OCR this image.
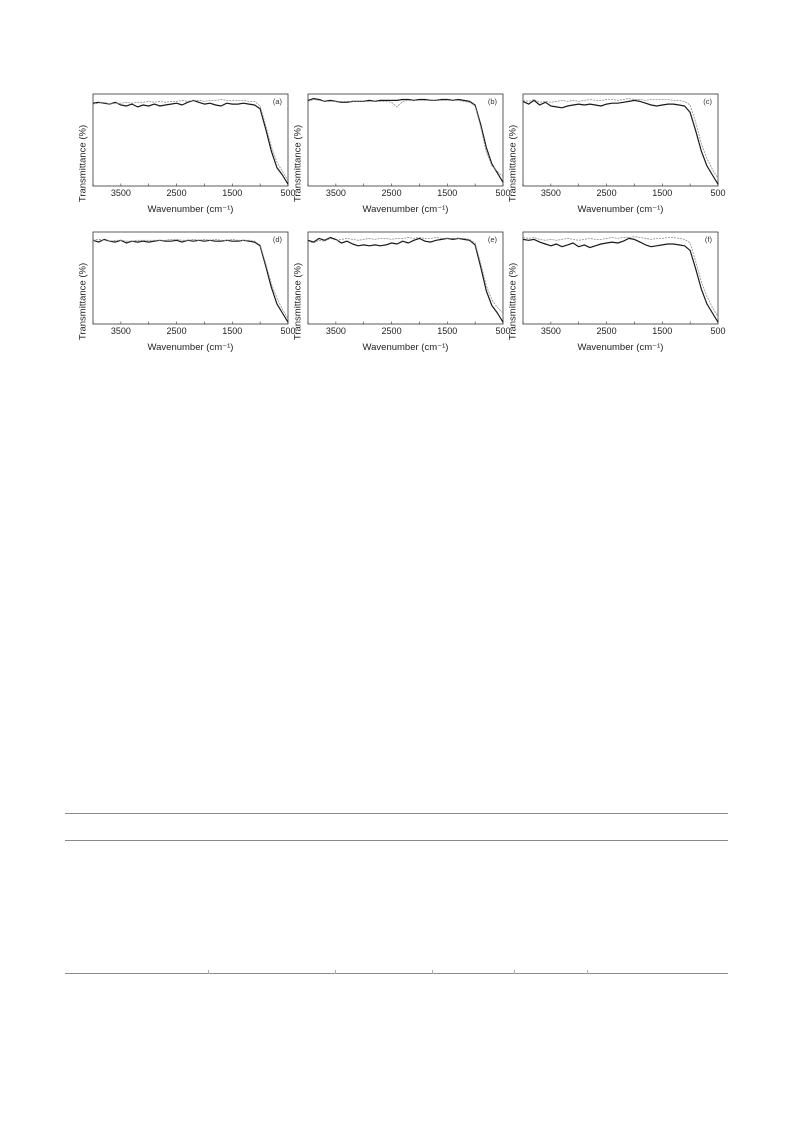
Transmittance (%)
(a)
3500	2500	1500	500
Wavenumber (cm⁻¹)
Transmittance (%)
(b)
3500	2500	1500	500
Wavenumber (cm⁻¹)
Transmittance (%)
(c)
3500	2500	1500	500
Wavenumber (cm⁻¹)
Transmittance (%)
(d)
3500	2500	1500	500
Wavenumber (cm⁻¹)
Transmittance (%)
(e)
3500	2500	1500	500
Wavenumber (cm⁻¹)
Transmittance (%)
(f)
3500	2500	1500	500
Wavenumber (cm⁻¹)
